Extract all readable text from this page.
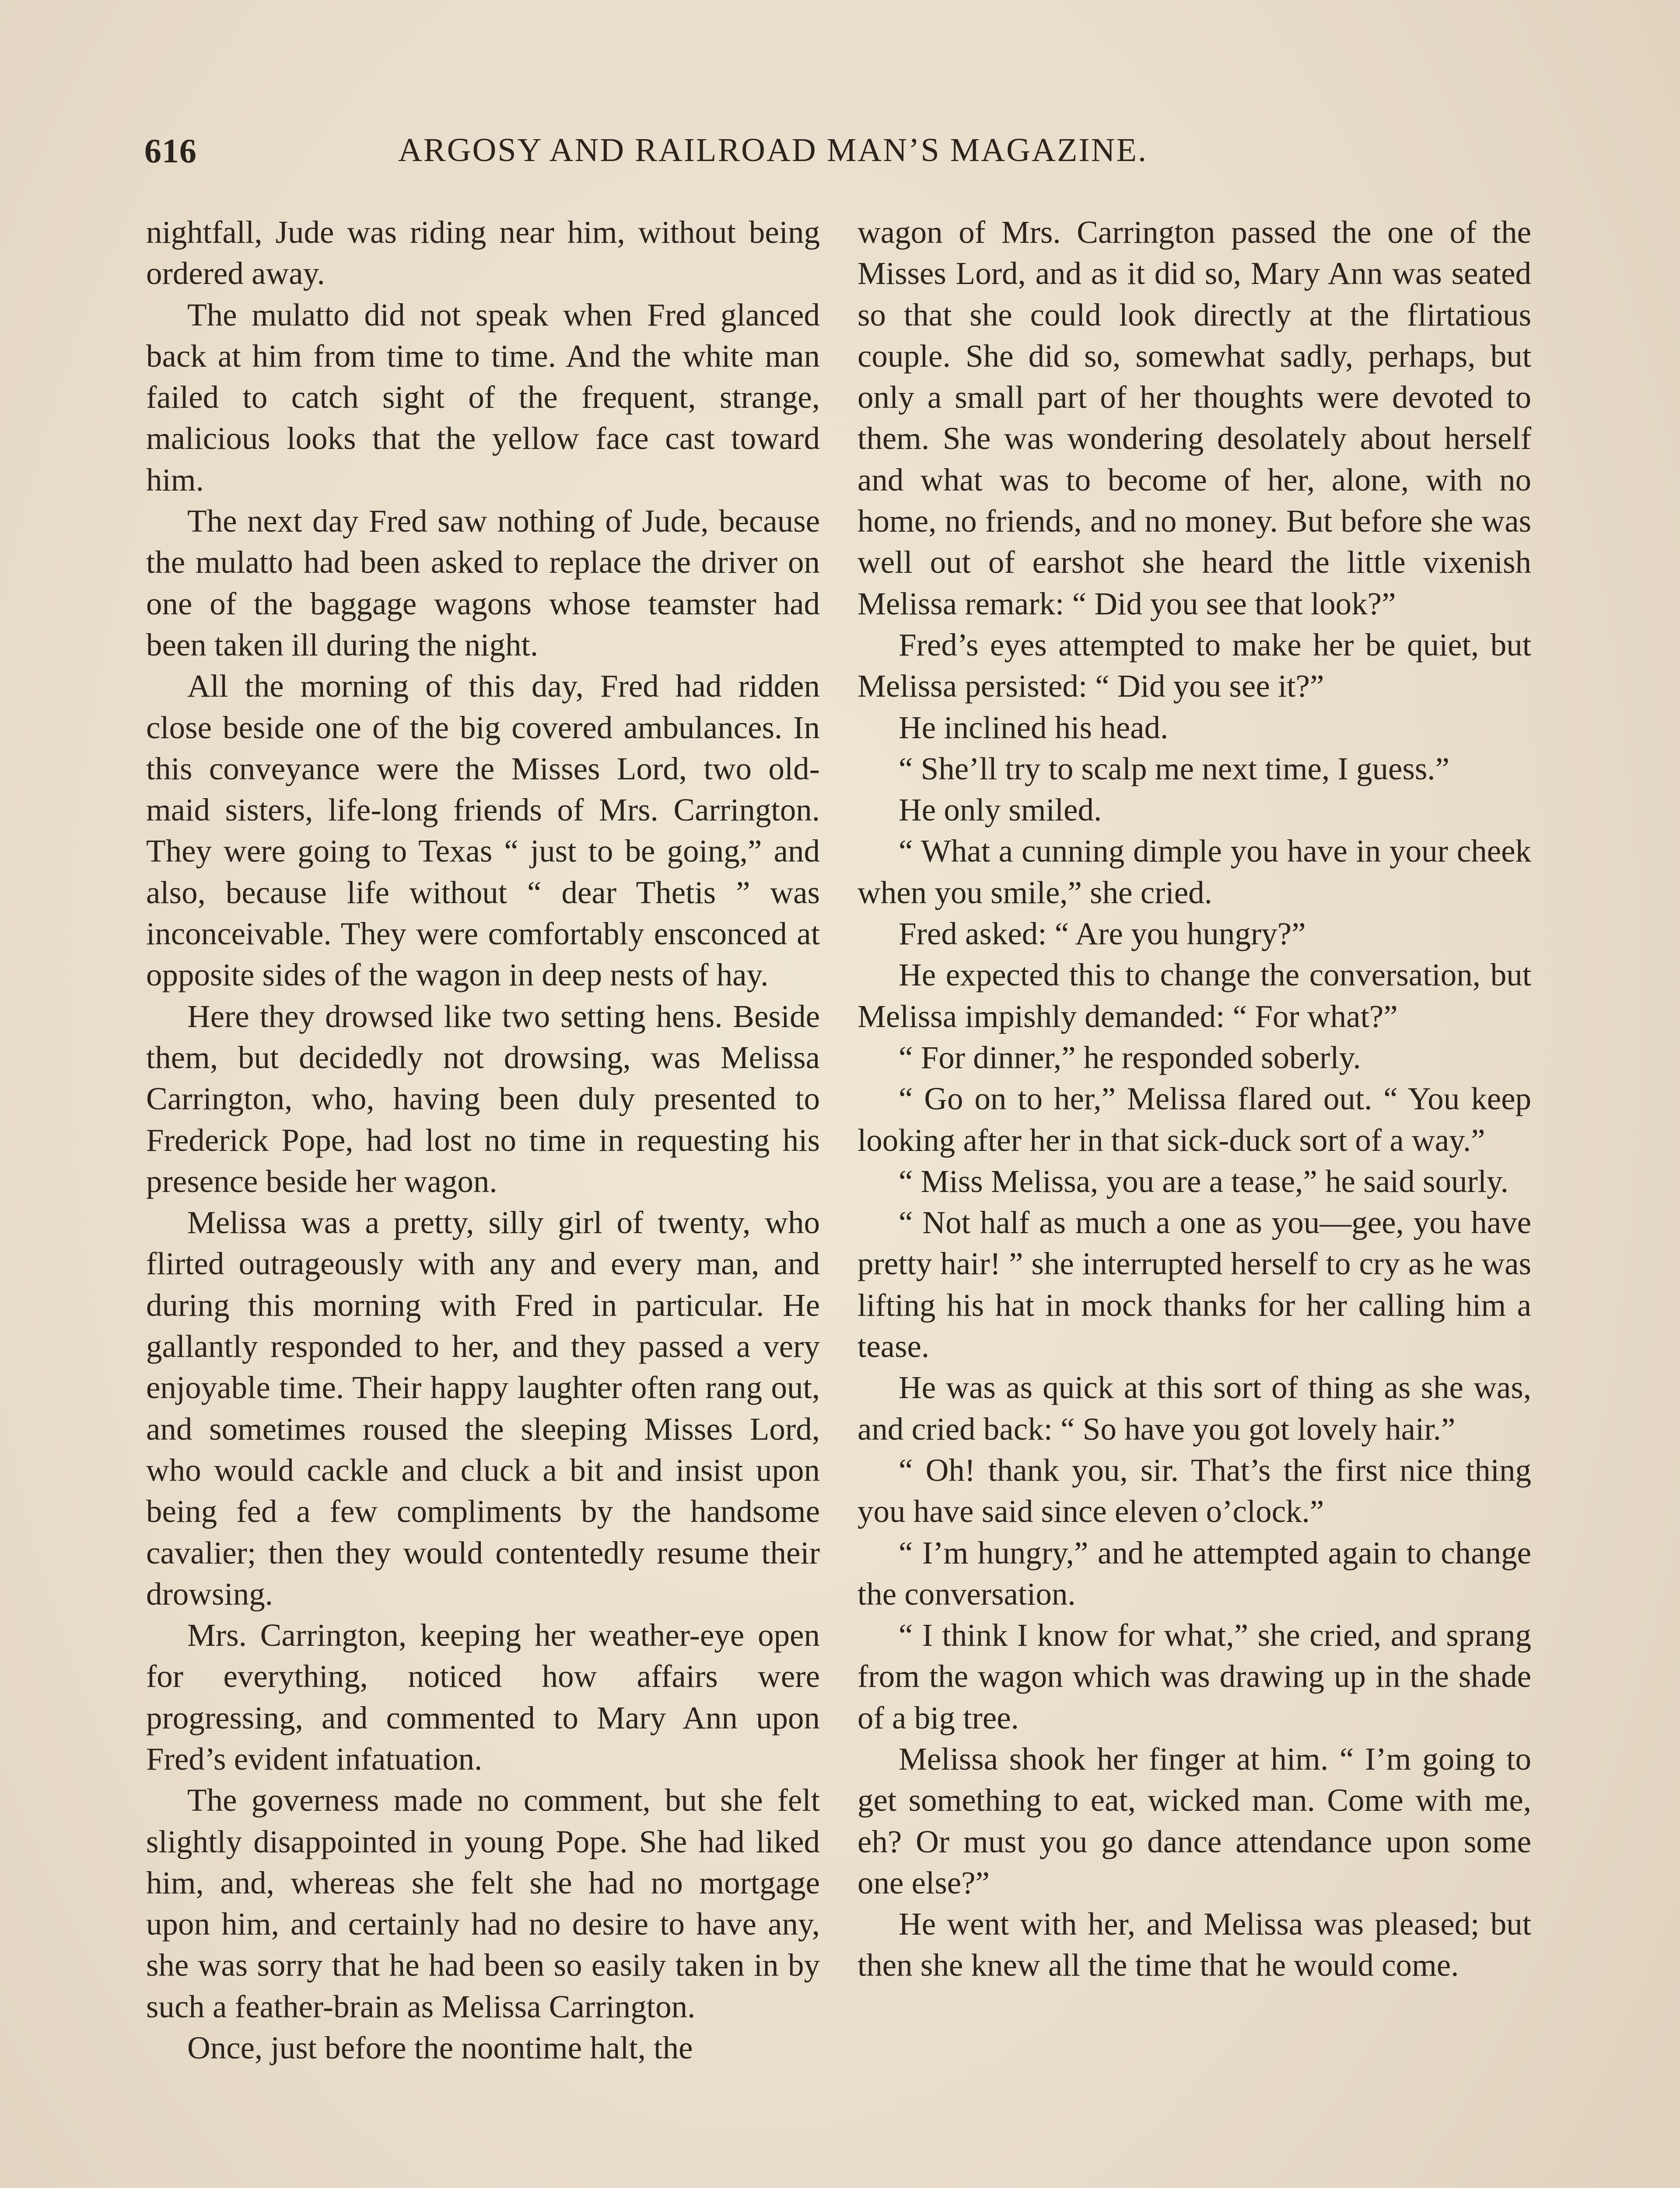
616	ARGOSY AND RAILROAD MAN’S MAGAZINE.

nightfall, Jude was riding near him, without being ordered away.

The mulatto did not speak when Fred glanced back at him from time to time. And the white man failed to catch sight of the frequent, strange, malicious looks that the yellow face cast toward him.

The next day Fred saw nothing of Jude, because the mulatto had been asked to replace the driver on one of the baggage wagons whose teamster had been taken ill during the night.

All the morning of this day, Fred had ridden close beside one of the big covered ambulances. In this conveyance were the Misses Lord, two old-maid sisters, life-long friends of Mrs. Carrington. They were going to Texas “ just to be going,” and also, because life without “ dear Thetis ” was inconceivable. They were comfortably ensconced at opposite sides of the wagon in deep nests of hay.

Here they drowsed like two setting hens. Beside them, but decidedly not drowsing, was Melissa Carrington, who, having been duly presented to Frederick Pope, had lost no time in requesting his presence beside her wagon.

Melissa was a pretty, silly girl of twenty, who flirted outrageously with any and every man, and during this morning with Fred in particular. He gallantly responded to her, and they passed a very enjoyable time. Their happy laughter often rang out, and sometimes roused the sleeping Misses Lord, who would cackle and cluck a bit and insist upon being fed a few compliments by the handsome cavalier; then they would contentedly resume their drowsing.

Mrs. Carrington, keeping her weather-eye open for everything, noticed how affairs were progressing, and commented to Mary Ann upon Fred’s evident infatuation.

The governess made no comment, but she felt slightly disappointed in young Pope. She had liked him, and, whereas she felt she had no mortgage upon him, and certainly had no desire to have any, she was sorry that he had been so easily taken in by such a feather-brain as Melissa Carrington.

Once, just before the noontime halt, the

wagon of Mrs. Carrington passed the one of the Misses Lord, and as it did so, Mary Ann was seated so that she could look directly at the flirtatious couple. She did so, somewhat sadly, perhaps, but only a small part of her thoughts were devoted to them. She was wondering desolately about herself and what was to become of her, alone, with no home, no friends, and no money. But before she was well out of earshot she heard the little vixenish Melissa remark: “ Did you see that look?”

Fred’s eyes attempted to make her be quiet, but Melissa persisted: “ Did you see it?”

He inclined his head.

“ She’ll try to scalp me next time, I guess.”

He only smiled.

“ What a cunning dimple you have in your cheek when you smile,” she cried.

Fred asked: “ Are you hungry?”

He expected this to change the conversation, but Melissa impishly demanded: “ For what?”

“ For dinner,” he responded soberly.

“ Go on to her,” Melissa flared out. “ You keep looking after her in that sick-duck sort of a way.”

“ Miss Melissa, you are a tease,” he said sourly.

“ Not half as much a one as you—gee, you have pretty hair! ” she interrupted herself to cry as he was lifting his hat in mock thanks for her calling him a tease.

He was as quick at this sort of thing as she was, and cried back: “ So have you got lovely hair.”

“ Oh! thank you, sir. That’s the first nice thing you have said since eleven o’clock.”

“ I’m hungry,” and he attempted again to change the conversation.

“ I think I know for what,” she cried, and sprang from the wagon which was drawing up in the shade of a big tree.

Melissa shook her finger at him. “ I’m going to get something to eat, wicked man. Come with me, eh? Or must you go dance attendance upon some one else?”

He went with her, and Melissa was pleased; but then she knew all the time that he would come.
